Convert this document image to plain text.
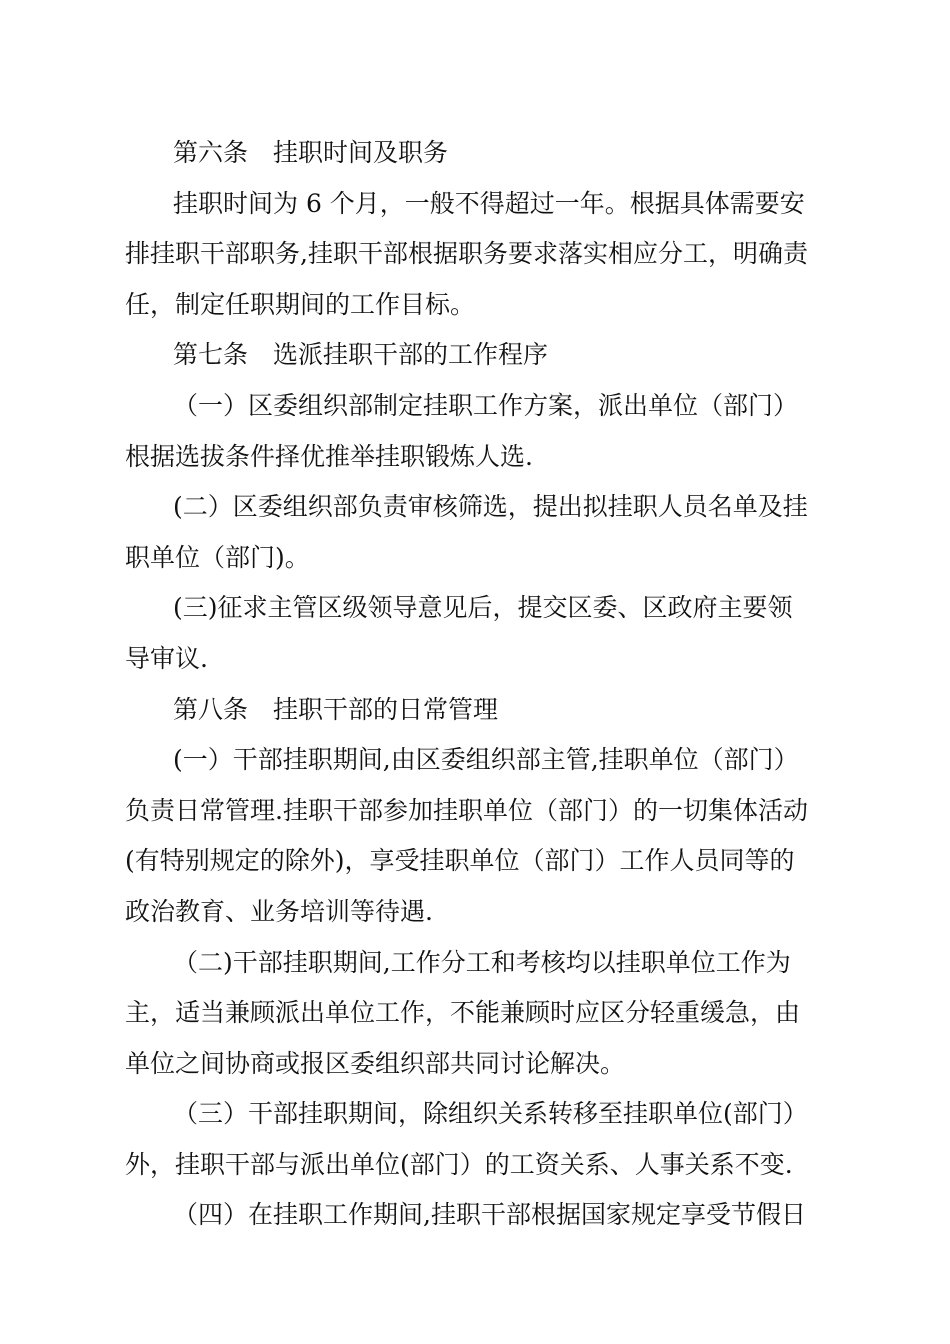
第六条　挂职时间及职务
挂职时间为 6 个月，一般不得超过一年。根据具体需要安
排挂职干部职务,挂职干部根据职务要求落实相应分工，明确责
任，制定任职期间的工作目标。
第七条　选派挂职干部的工作程序
（一）区委组织部制定挂职工作方案，派出单位（部门）
根据选拔条件择优推举挂职锻炼人选.
(二）区委组织部负责审核筛选，提出拟挂职人员名单及挂
职单位（部门)。
(三)征求主管区级领导意见后，提交区委、区政府主要领
导审议.
第八条　挂职干部的日常管理
(一）干部挂职期间,由区委组织部主管,挂职单位（部门）
负责日常管理.挂职干部参加挂职单位（部门）的一切集体活动
(有特别规定的除外)，享受挂职单位（部门）工作人员同等的
政治教育、业务培训等待遇.
（二)干部挂职期间,工作分工和考核均以挂职单位工作为
主，适当兼顾派出单位工作，不能兼顾时应区分轻重缓急，由
单位之间协商或报区委组织部共同讨论解决。
（三）干部挂职期间，除组织关系转移至挂职单位(部门）
外，挂职干部与派出单位(部门）的工资关系、人事关系不变.
（四）在挂职工作期间,挂职干部根据国家规定享受节假日
